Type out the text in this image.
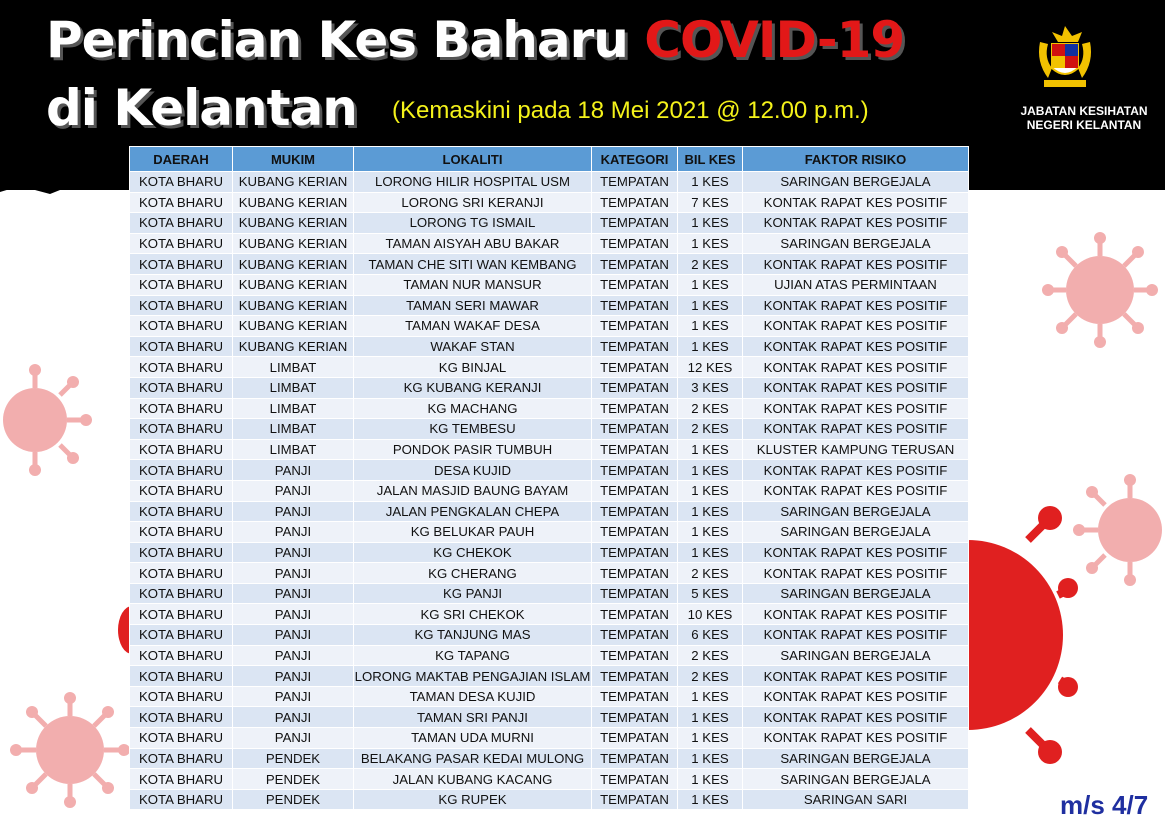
Perincian Kes Baharu COVID-19
di Kelantan (Kemaskini pada 18 Mei 2021 @ 12.00 p.m.)	JABATAN KESIHATAN
NEGERI KELANTAN
DAERAH	MUKIM	LOKALITI	KATEGORI	BIL KES	FAKTOR RISIKO
KOTA BHARU	KUBANG KERIAN	LORONG HILIR HOSPITAL USM	TEMPATAN	1 KES	SARINGAN BERGEJALA
KOTA BHARU	KUBANG KERIAN	LORONG SRI KERANJI	TEMPATAN	7 KES	KONTAK RAPAT KES POSITIF
KOTA BHARU	KUBANG KERIAN	LORONG TG ISMAIL	TEMPATAN	1 KES	KONTAK RAPAT KES POSITIF
KOTA BHARU	KUBANG KERIAN	TAMAN AISYAH ABU BAKAR	TEMPATAN	1 KES	SARINGAN BERGEJALA
KOTA BHARU	KUBANG KERIAN	TAMAN CHE SITI WAN KEMBANG	TEMPATAN	2 KES	KONTAK RAPAT KES POSITIF
KOTA BHARU	KUBANG KERIAN	TAMAN NUR MANSUR	TEMPATAN	1 KES	UJIAN ATAS PERMINTAAN
KOTA BHARU	KUBANG KERIAN	TAMAN SERI MAWAR	TEMPATAN	1 KES	KONTAK RAPAT KES POSITIF
KOTA BHARU	KUBANG KERIAN	TAMAN WAKAF DESA	TEMPATAN	1 KES	KONTAK RAPAT KES POSITIF
KOTA BHARU	KUBANG KERIAN	WAKAF STAN	TEMPATAN	1 KES	KONTAK RAPAT KES POSITIF
KOTA BHARU	LIMBAT	KG BINJAL	TEMPATAN	12 KES	KONTAK RAPAT KES POSITIF
KOTA BHARU	LIMBAT	KG KUBANG KERANJI	TEMPATAN	3 KES	KONTAK RAPAT KES POSITIF
KOTA BHARU	LIMBAT	KG MACHANG	TEMPATAN	2 KES	KONTAK RAPAT KES POSITIF
KOTA BHARU	LIMBAT	KG TEMBESU	TEMPATAN	2 KES	KONTAK RAPAT KES POSITIF
KOTA BHARU	LIMBAT	PONDOK PASIR TUMBUH	TEMPATAN	1 KES	KLUSTER KAMPUNG TERUSAN
KOTA BHARU	PANJI	DESA KUJID	TEMPATAN	1 KES	KONTAK RAPAT KES POSITIF
KOTA BHARU	PANJI	JALAN MASJID BAUNG BAYAM	TEMPATAN	1 KES	KONTAK RAPAT KES POSITIF
KOTA BHARU	PANJI	JALAN PENGKALAN CHEPA	TEMPATAN	1 KES	SARINGAN BERGEJALA
KOTA BHARU	PANJI	KG BELUKAR PAUH	TEMPATAN	1 KES	SARINGAN BERGEJALA
KOTA BHARU	PANJI	KG CHEKOK	TEMPATAN	1 KES	KONTAK RAPAT KES POSITIF
KOTA BHARU	PANJI	KG CHERANG	TEMPATAN	2 KES	KONTAK RAPAT KES POSITIF
KOTA BHARU	PANJI	KG PANJI	TEMPATAN	5 KES	SARINGAN BERGEJALA
KOTA BHARU	PANJI	KG SRI CHEKOK	TEMPATAN	10 KES	KONTAK RAPAT KES POSITIF
KOTA BHARU	PANJI	KG TANJUNG MAS	TEMPATAN	6 KES	KONTAK RAPAT KES POSITIF
KOTA BHARU	PANJI	KG TAPANG	TEMPATAN	2 KES	SARINGAN BERGEJALA
KOTA BHARU	PANJI	LORONG MAKTAB PENGAJIAN ISLAM	TEMPATAN	2 KES	KONTAK RAPAT KES POSITIF
KOTA BHARU	PANJI	TAMAN DESA KUJID	TEMPATAN	1 KES	KONTAK RAPAT KES POSITIF
KOTA BHARU	PANJI	TAMAN SRI PANJI	TEMPATAN	1 KES	KONTAK RAPAT KES POSITIF
KOTA BHARU	PANJI	TAMAN UDA MURNI	TEMPATAN	1 KES	KONTAK RAPAT KES POSITIF
KOTA BHARU	PENDEK	BELAKANG PASAR KEDAI MULONG	TEMPATAN	1 KES	SARINGAN BERGEJALA
KOTA BHARU	PENDEK	JALAN KUBANG KACANG	TEMPATAN	1 KES	SARINGAN BERGEJALA
KOTA BHARU	PENDEK	KG RUPEK	TEMPATAN	1 KES	SARINGAN SARI	m/s 4/7
